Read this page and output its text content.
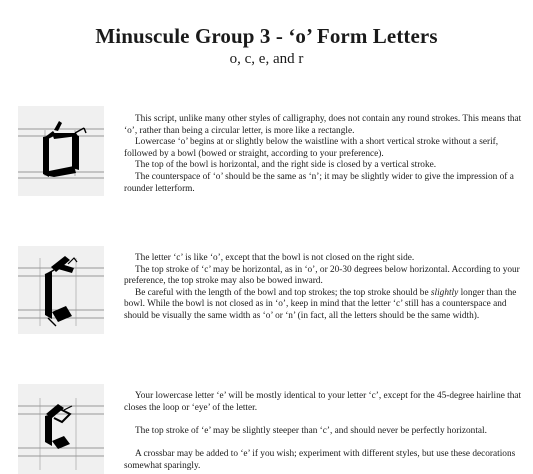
Minuscule Group 3 - ‘o’ Form Letters
o, c, e, and r

This script, unlike many other styles of calligraphy, does not contain any round strokes. This means that ‘o’, rather than being a circular letter, is more like a rectangle.

Lowercase ‘o’ begins at or slightly below the waistline with a short vertical stroke without a serif, followed by a bowl (bowed or straight, according to your preference).

The top of the bowl is horizontal, and the right side is closed by a vertical stroke.

The counterspace of ‘o’ should be the same as ‘n’; it may be slightly wider to give the impression of a rounder letterform.

The letter ‘c’ is like ‘o’, except that the bowl is not closed on the right side.

The top stroke of ‘c’ may be horizontal, as in ‘o’, or 20-30 degrees below horizontal. According to your preference, the top stroke may also be bowed inward.

Be careful with the length of the bowl and top strokes; the top stroke should be slightly longer than the bowl. While the bowl is not closed as in ‘o’, keep in mind that the letter ‘c’ still has a counterspace and should be visually the same width as ‘o’ or ‘n’ (in fact, all the letters should be the same width).

Your lowercase letter ‘e’ will be mostly identical to your letter ‘c’, except for the 45-degree hairline that closes the loop or ‘eye’ of the letter.

The top stroke of ‘e’ may be slightly steeper than ‘c’, and should never be perfectly horizontal.

A crossbar may be added to ‘e’ if you wish; experiment with different styles, but use these decorations somewhat sparingly.
